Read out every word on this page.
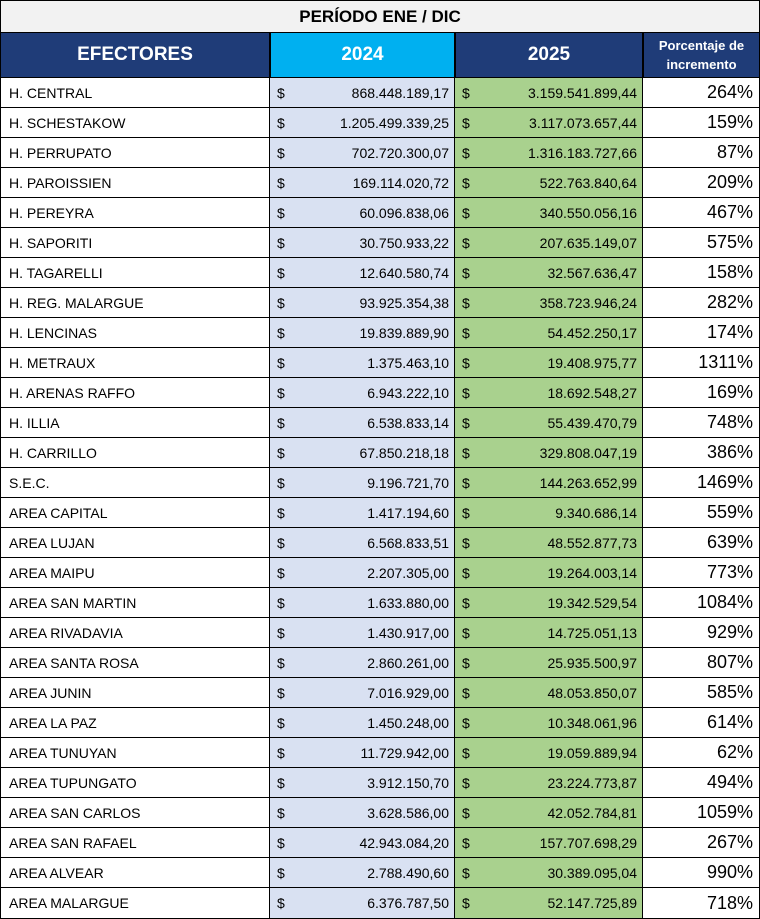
PERÍODO ENE / DIC
EFECTORES	2024	2025	Porcentaje de
incremento
H. CENTRAL	$	868.448.189,17 $	3.159.541.899,44	264%
H. SCHESTAKOW	$	1.205.499.339,25 $	3.117.073.657,44	159%
H. PERRUPATO	$	702.720.300,07 $	1.316.183.727,66	87%
H. PAROISSIEN	$	169.114.020,72 $	522.763.840,64	209%
H. PEREYRA	$	60.096.838,06 $	340.550.056,16	467%
H. SAPORITI	$	30.750.933,22 $	207.635.149,07	575%
H. TAGARELLI	$	12.640.580,74 $	32.567.636,47	158%
H. REG. MALARGUE	$	93.925.354,38 $	358.723.946,24	282%
H. LENCINAS	$	19.839.889,90 $	54.452.250,17	174%
H. METRAUX	$	1.375.463,10 $	19.408.975,77	1311%
H. ARENAS RAFFO	$	6.943.222,10 $	18.692.548,27	169%
H. ILLIA	$	6.538.833,14 $	55.439.470,79	748%
H. CARRILLO	$	67.850.218,18 $	329.808.047,19	386%
S.E.C.	$	9.196.721,70 $	144.263.652,99	1469%
AREA CAPITAL	$	1.417.194,60 $	9.340.686,14	559%
AREA LUJAN	$	6.568.833,51 $	48.552.877,73	639%
AREA MAIPU	$	2.207.305,00 $	19.264.003,14	773%
AREA SAN MARTIN	$	1.633.880,00 $	19.342.529,54	1084%
AREA RIVADAVIA	$	1.430.917,00 $	14.725.051,13	929%
AREA SANTA ROSA	$	2.860.261,00 $	25.935.500,97	807%
AREA JUNIN	$	7.016.929,00 $	48.053.850,07	585%
AREA LA PAZ	$	1.450.248,00 $	10.348.061,96	614%
AREA TUNUYAN	$	11.729.942,00 $	19.059.889,94	62%
AREA TUPUNGATO	$	3.912.150,70 $	23.224.773,87	494%
AREA SAN CARLOS	$	3.628.586,00 $	42.052.784,81	1059%
AREA SAN RAFAEL	$	42.943.084,20 $	157.707.698,29	267%
AREA ALVEAR	$	2.788.490,60 $	30.389.095,04	990%
AREA MALARGUE	$	6.376.787,50 $	52.147.725,89	718%
